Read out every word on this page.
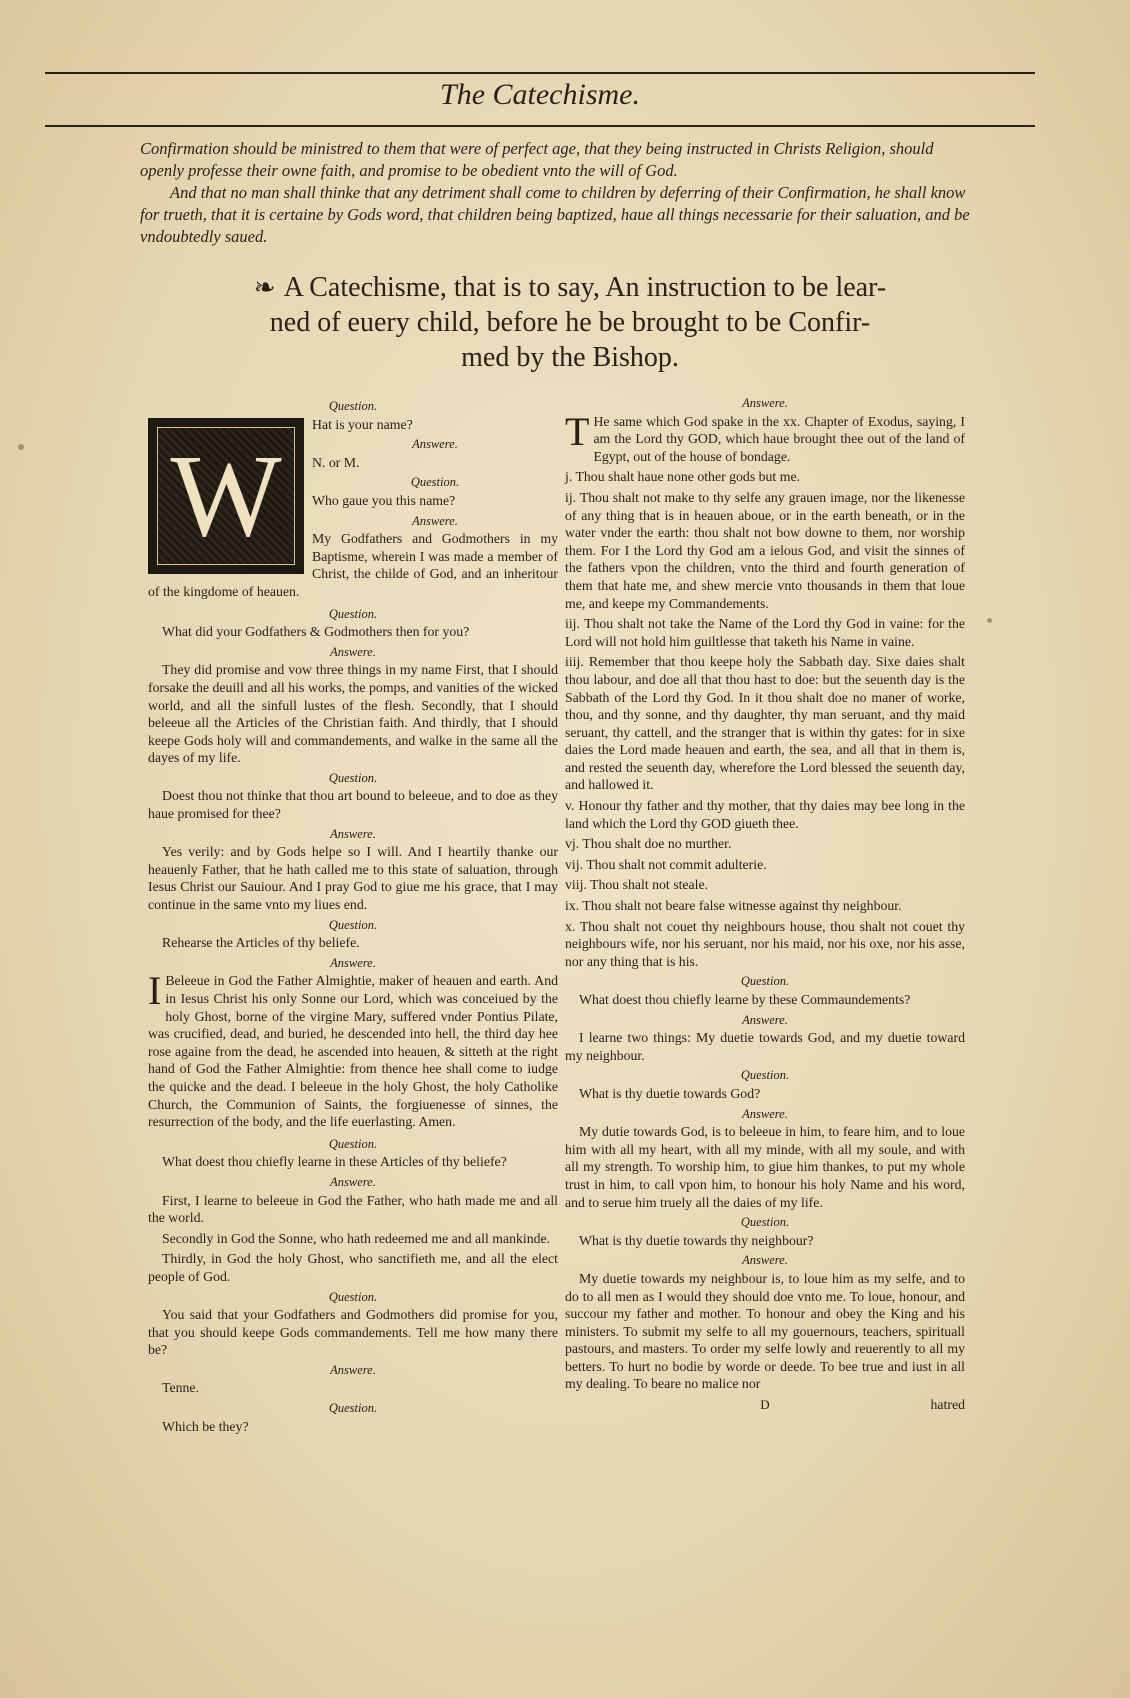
The Catechisme.

Confirmation should be ministred to them that were of perfect age, that they being instructed in Christs Religion, should openly professe their owne faith, and promise to be obedient vnto the will of God.

And that no man shall thinke that any detriment shall come to children by deferring of their Confirmation, he shall know for trueth, that it is certaine by Gods word, that children being baptized, haue all things necessarie for their saluation, and be vndoubtedly saued.

❧ A Catechisme, that is to say, An instruction to be lear-
ned of euery child, before he be brought to be Confir-
med by the Bishop.
Question.
W
Hat is your name?
Answere.
N. or M.
Question.
Who gaue you this name?
Answere.
My Godfathers and Godmothers in my Baptisme, wherein I was made a member of Christ, the childe of God, and an inheritour of the kingdome of heauen.
Question.
What did your Godfathers & Godmothers then for you?
Answere.
They did promise and vow three things in my name First, that I should forsake the deuill and all his works, the pomps, and vanities of the wicked world, and all the sinfull lustes of the flesh. Secondly, that I should beleeue all the Articles of the Christian faith. And thirdly, that I should keepe Gods holy will and commandements, and walke in the same all the dayes of my life.
Question.
Doest thou not thinke that thou art bound to beleeue, and to doe as they haue promised for thee?
Answere.
Yes verily: and by Gods helpe so I will. And I heartily thanke our heauenly Father, that he hath called me to this state of saluation, through Iesus Christ our Sauiour. And I pray God to giue me his grace, that I may continue in the same vnto my liues end.
Question.
Rehearse the Articles of thy beliefe.
Answere.
I Beleeue in God the Father Almightie, maker of heauen and earth. And in Iesus Christ his only Sonne our Lord, which was conceiued by the holy Ghost, borne of the virgine Mary, suffered vnder Pontius Pilate, was crucified, dead, and buried, he descended into hell, the third day hee rose againe from the dead, he ascended into heauen, & sitteth at the right hand of God the Father Almightie: from thence hee shall come to iudge the quicke and the dead. I beleeue in the holy Ghost, the holy Catholike Church, the Communion of Saints, the forgiuenesse of sinnes, the resurrection of the body, and the life euerlasting. Amen.
Question.
What doest thou chiefly learne in these Articles of thy beliefe?
Answere.
First, I learne to beleeue in God the Father, who hath made me and all the world.
Secondly in God the Sonne, who hath redeemed me and all mankinde.
Thirdly, in God the holy Ghost, who sanctifieth me, and all the elect people of God.
Question.
You said that your Godfathers and Godmothers did promise for you, that you should keepe Gods commandements. Tell me how many there be?
Answere.
Tenne.
Question.
Which be they?
Answere.
T He same which God spake in the xx. Chapter of Exodus, saying, I am the Lord thy GOD, which haue brought thee out of the land of Egypt, out of the house of bondage.
j. Thou shalt haue none other gods but me.
ij. Thou shalt not make to thy selfe any grauen image, nor the likenesse of any thing that is in heauen aboue, or in the earth beneath, or in the water vnder the earth: thou shalt not bow downe to them, nor worship them. For I the Lord thy God am a ielous God, and visit the sinnes of the fathers vpon the children, vnto the third and fourth generation of them that hate me, and shew mercie vnto thousands in them that loue me, and keepe my Commandements.
iij. Thou shalt not take the Name of the Lord thy God in vaine: for the Lord will not hold him guiltlesse that taketh his Name in vaine.
iiij. Remember that thou keepe holy the Sabbath day. Sixe daies shalt thou labour, and doe all that thou hast to doe: but the seuenth day is the Sabbath of the Lord thy God. In it thou shalt doe no maner of worke, thou, and thy sonne, and thy daughter, thy man seruant, and thy maid seruant, thy cattell, and the stranger that is within thy gates: for in sixe daies the Lord made heauen and earth, the sea, and all that in them is, and rested the seuenth day, wherefore the Lord blessed the seuenth day, and hallowed it.
v. Honour thy father and thy mother, that thy daies may bee long in the land which the Lord thy GOD giueth thee.
vj. Thou shalt doe no murther.
vij. Thou shalt not commit adulterie.
viij. Thou shalt not steale.
ix. Thou shalt not beare false witnesse against thy neighbour.
x. Thou shalt not couet thy neighbours house, thou shalt not couet thy neighbours wife, nor his seruant, nor his maid, nor his oxe, nor his asse, nor any thing that is his.
Question.
What doest thou chiefly learne by these Commaundements?
Answere.
I learne two things: My duetie towards God, and my duetie toward my neighbour.
Question.
What is thy duetie towards God?
Answere.
My dutie towards God, is to beleeue in him, to feare him, and to loue him with all my heart, with all my minde, with all my soule, and with all my strength. To worship him, to giue him thankes, to put my whole trust in him, to call vpon him, to honour his holy Name and his word, and to serue him truely all the daies of my life.
Question.
What is thy duetie towards thy neighbour?
Answere.
My duetie towards my neighbour is, to loue him as my selfe, and to do to all men as I would they should doe vnto me. To loue, honour, and succour my father and mother. To honour and obey the King and his ministers. To submit my selfe to all my gouernours, teachers, spirituall pastours, and masters. To order my selfe lowly and reuerently to all my betters. To hurt no bodie by worde or deede. To bee true and iust in all my dealing. To beare no malice nor
D	hatred
